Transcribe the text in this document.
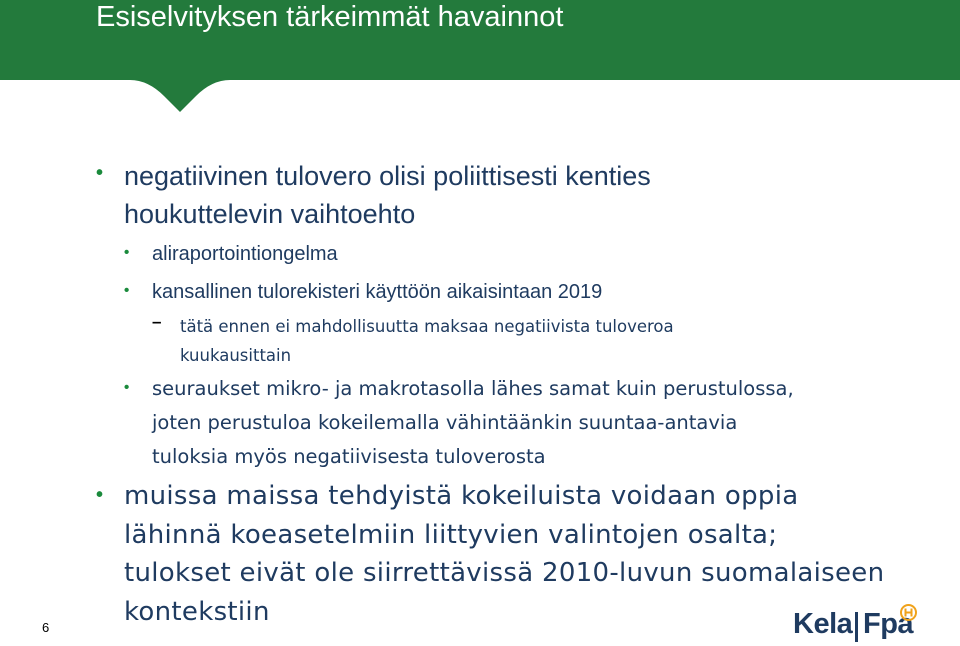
Esiselvityksen tärkeimmät havainnot
• negatiivinen tulovero olisi poliittisesti kenties
houkuttelevin vaihtoehto
• aliraportointiongelma
• kansallinen tulorekisteri käyttöön aikaisintaan 2019
– tätä ennen ei mahdollisuutta maksaa negatiivista tuloveroa
kuukausittain
• seuraukset mikro- ja makrotasolla lähes samat kuin perustulossa,
joten perustuloa kokeilemalla vähintäänkin suuntaa-antavia
tuloksia myös negatiivisesta tuloverosta
• muissa maissa tehdyistä kokeiluista voidaan oppia
lähinnä koeasetelmiin liittyvien valintojen osalta;
tulokset eivät ole siirrettävissä 2010-luvun suomalaiseen
kontekstiin
6	Kela Fpa
